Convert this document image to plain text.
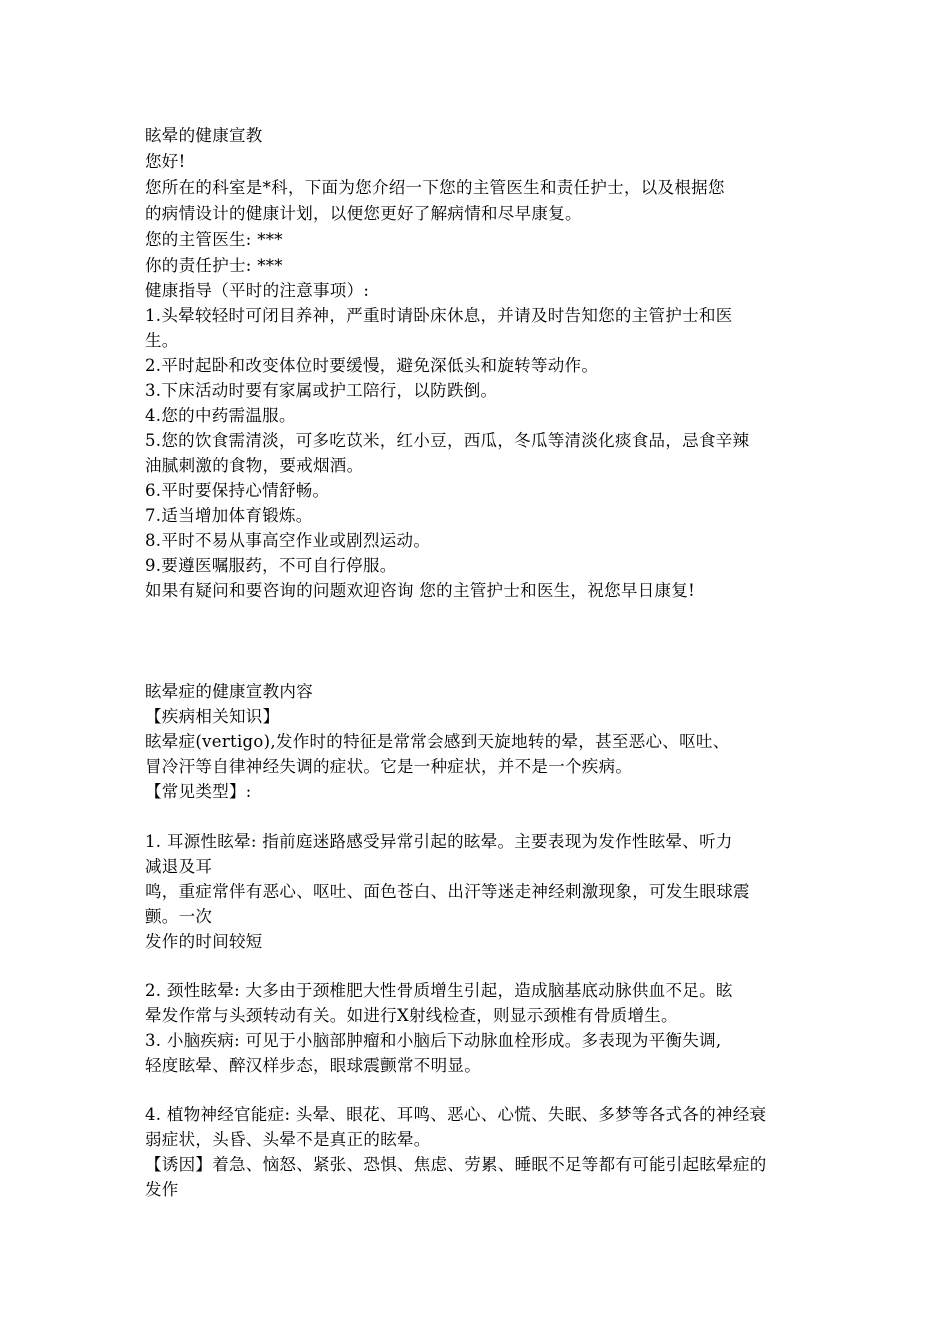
眩晕的健康宣教
您好!
您所在的科室是*科，下面为您介绍一下您的主管医生和责任护士，以及根据您
的病情设计的健康计划，以便您更好了解病情和尽早康复。
您的主管医生: ***
你的责任护士: ***
健康指导（平时的注意事项）:
1.头晕较轻时可闭目养神，严重时请卧床休息，并请及时告知您的主管护士和医
生。
2.平时起卧和改变体位时要缓慢，避免深低头和旋转等动作。
3.下床活动时要有家属或护工陪行，以防跌倒。
4.您的中药需温服。
5.您的饮食需清淡，可多吃苡米，红小豆，西瓜，冬瓜等清淡化痰食品，忌食辛辣
油腻刺激的食物，要戒烟酒。
6.平时要保持心情舒畅。
7.适当增加体育锻炼。
8.平时不易从事高空作业或剧烈运动。
9.要遵医嘱服药，不可自行停服。
如果有疑问和要咨询的问题欢迎咨询 您的主管护士和医生，祝您早日康复!
眩晕症的健康宣教内容
【疾病相关知识】
眩晕症(vertigo),发作时的特征是常常会感到天旋地转的晕，甚至恶心、呕吐、
冒冷汗等自律神经失调的症状。它是一种症状，并不是一个疾病。
【常见类型】:
1. 耳源性眩晕: 指前庭迷路感受异常引起的眩晕。主要表现为发作性眩晕、听力
减退及耳
鸣，重症常伴有恶心、呕吐、面色苍白、出汗等迷走神经刺激现象，可发生眼球震
颤。一次
发作的时间较短
2. 颈性眩晕: 大多由于颈椎肥大性骨质增生引起，造成脑基底动脉供血不足。眩
晕发作常与头颈转动有关。如进行X射线检查，则显示颈椎有骨质增生。
3. 小脑疾病: 可见于小脑部肿瘤和小脑后下动脉血栓形成。多表现为平衡失调,
轻度眩晕、醉汉样步态，眼球震颤常不明显。
4. 植物神经官能症: 头晕、眼花、耳鸣、恶心、心慌、失眠、多梦等各式各的神经衰
弱症状，头昏、头晕不是真正的眩晕。
【诱因】着急、恼怒、紧张、恐惧、焦虑、劳累、睡眠不足等都有可能引起眩晕症的
发作
